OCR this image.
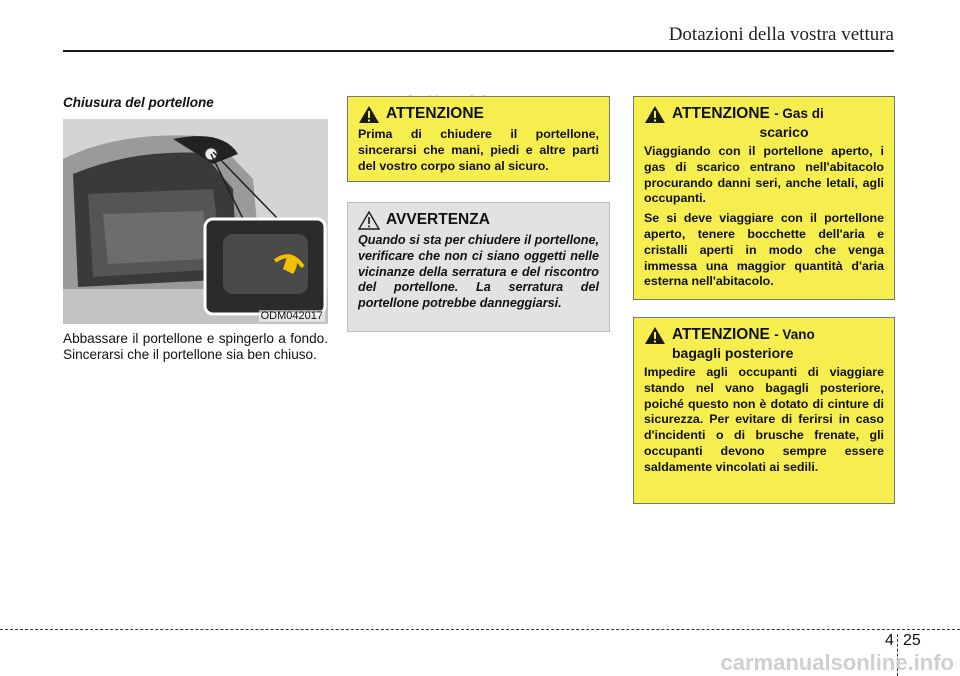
Dotazioni della vostra vettura
Chiusura del portellone
ODM042017
Abbassare il portellone e spingerlo a fondo. Sincerarsi che il portellone sia ben chiuso.
ATTENZIONE
Prima di chiudere il portellone, sincerarsi che mani, piedi e altre parti del vostro corpo siano al sicuro.
AVVERTENZA
Quando si sta per chiudere il portellone, verificare che non ci siano oggetti nelle vicinanze della serratura e del riscontro del portellone. La serratura del portellone potrebbe danneggiarsi.
ATTENZIONE - Gas di
scarico

Viaggiando con il portellone aperto, i gas di scarico entrano nell'abitacolo procurando danni seri, anche letali, agli occupanti.

Se si deve viaggiare con il portellone aperto, tenere bocchette dell'aria e cristalli aperti in modo che venga immessa una maggior quantità d'aria esterna nell'abitacolo.

ATTENZIONE - Vano
bagagli posteriore
Impedire agli occupanti di viaggiare stando nel vano bagagli posteriore, poiché questo non è dotato di cinture di sicurezza. Per evitare di ferirsi in caso d'incidenti o di brusche frenate, gli occupanti devono sempre essere saldamente vincolati ai sedili.
4 25
carmanualsonline.info
